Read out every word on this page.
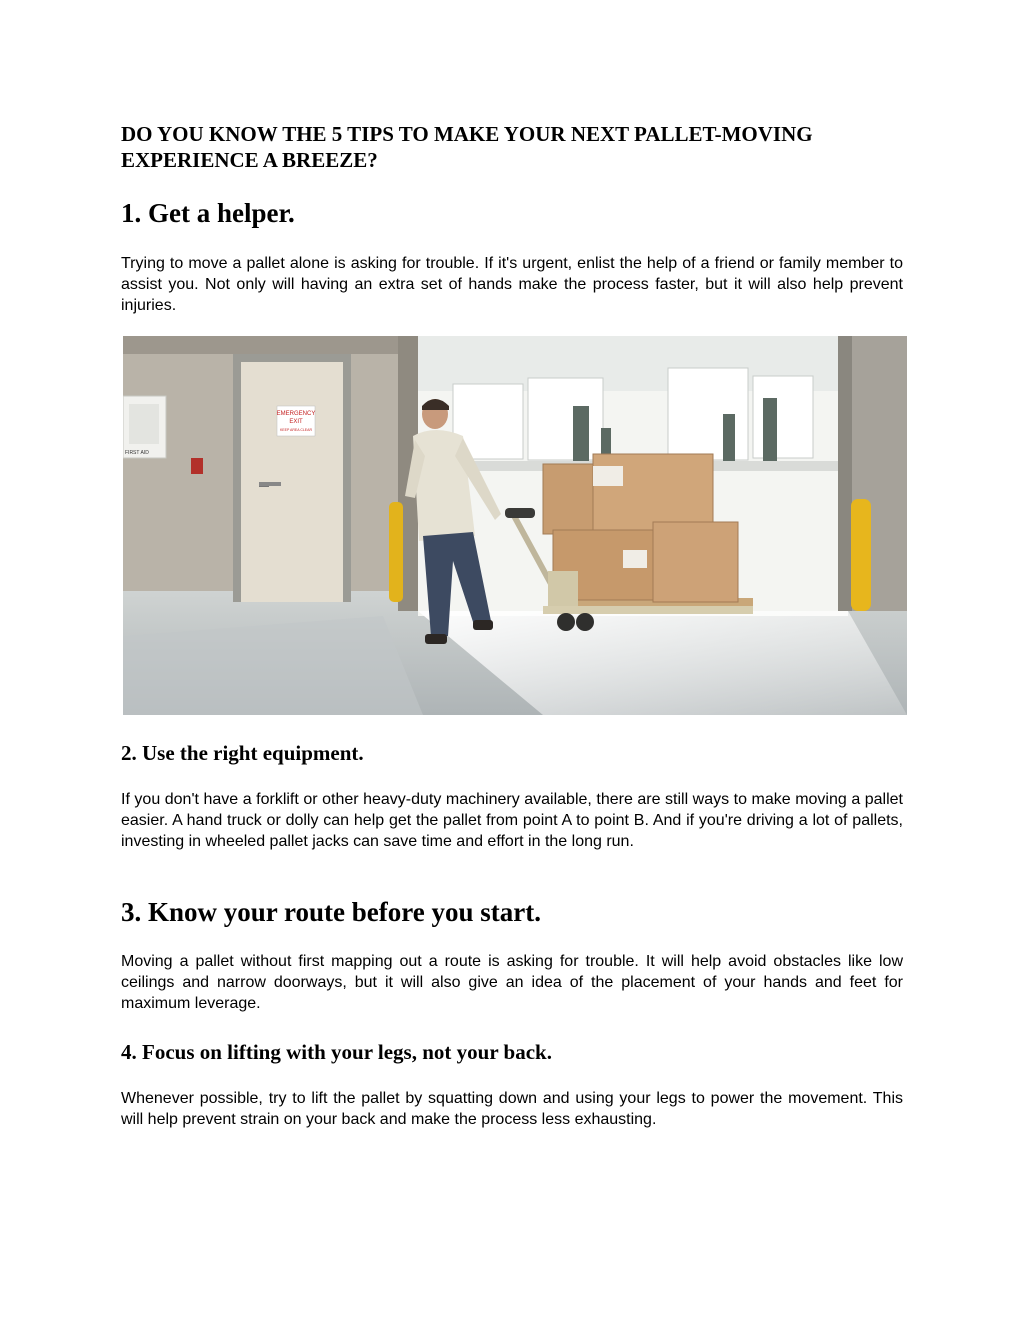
DO YOU KNOW THE 5 TIPS TO MAKE YOUR NEXT PALLET-MOVING EXPERIENCE A BREEZE?
1. Get a helper.

Trying to move a pallet alone is asking for trouble. If it's urgent, enlist the help of a friend or family member to assist you. Not only will having an extra set of hands make the process faster, but it will also help prevent injuries.

EMERGENCY
EXIT
KEEP AREA CLEAR
FIRST AID
2. Use the right equipment.

If you don't have a forklift or other heavy-duty machinery available, there are still ways to make moving a pallet easier. A hand truck or dolly can help get the pallet from point A to point B. And if you're driving a lot of pallets, investing in wheeled pallet jacks can save time and effort in the long run.

3. Know your route before you start.

Moving a pallet without first mapping out a route is asking for trouble. It will help avoid obstacles like low ceilings and narrow doorways, but it will also give an idea of the placement of your hands and feet for maximum leverage.

4. Focus on lifting with your legs, not your back.

Whenever possible, try to lift the pallet by squatting down and using your legs to power the movement. This will help prevent strain on your back and make the process less exhausting.
